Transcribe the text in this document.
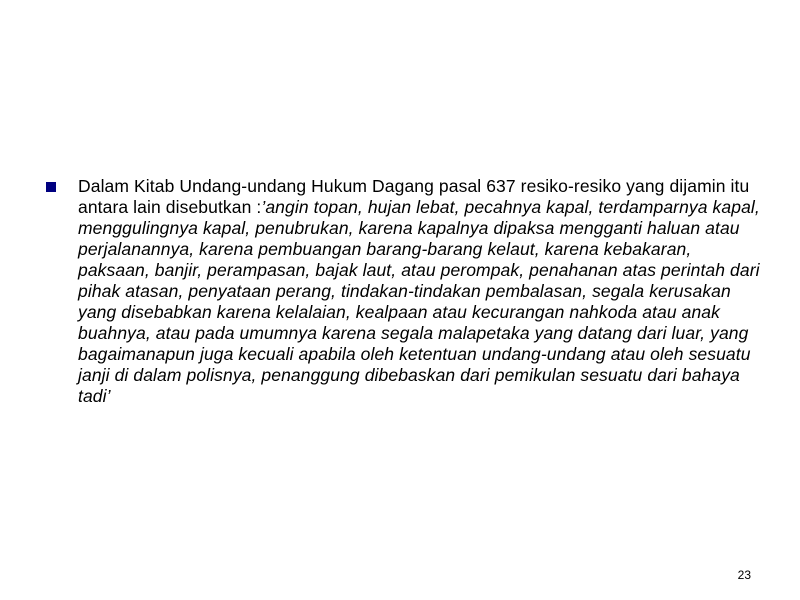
Dalam Kitab Undang-undang Hukum Dagang pasal 637 resiko-resiko yang dijamin itu antara lain disebutkan :’angin topan, hujan lebat, pecahnya kapal, terdamparnya kapal, menggulingnya kapal, penubrukan, karena kapalnya dipaksa mengganti haluan atau perjalanannya, karena pembuangan barang-barang kelaut, karena kebakaran, paksaan, banjir, perampasan, bajak laut, atau perompak, penahanan atas perintah dari pihak atasan, penyataan perang, tindakan-tindakan pembalasan, segala kerusakan yang disebabkan karena kelalaian, kealpaan atau kecurangan nahkoda atau anak buahnya, atau pada umumnya karena segala malapetaka yang datang dari luar, yang bagaimanapun juga kecuali apabila oleh ketentuan undang-undang atau oleh sesuatu janji di dalam polisnya, penanggung dibebaskan dari pemikulan sesuatu dari bahaya tadi’
23
